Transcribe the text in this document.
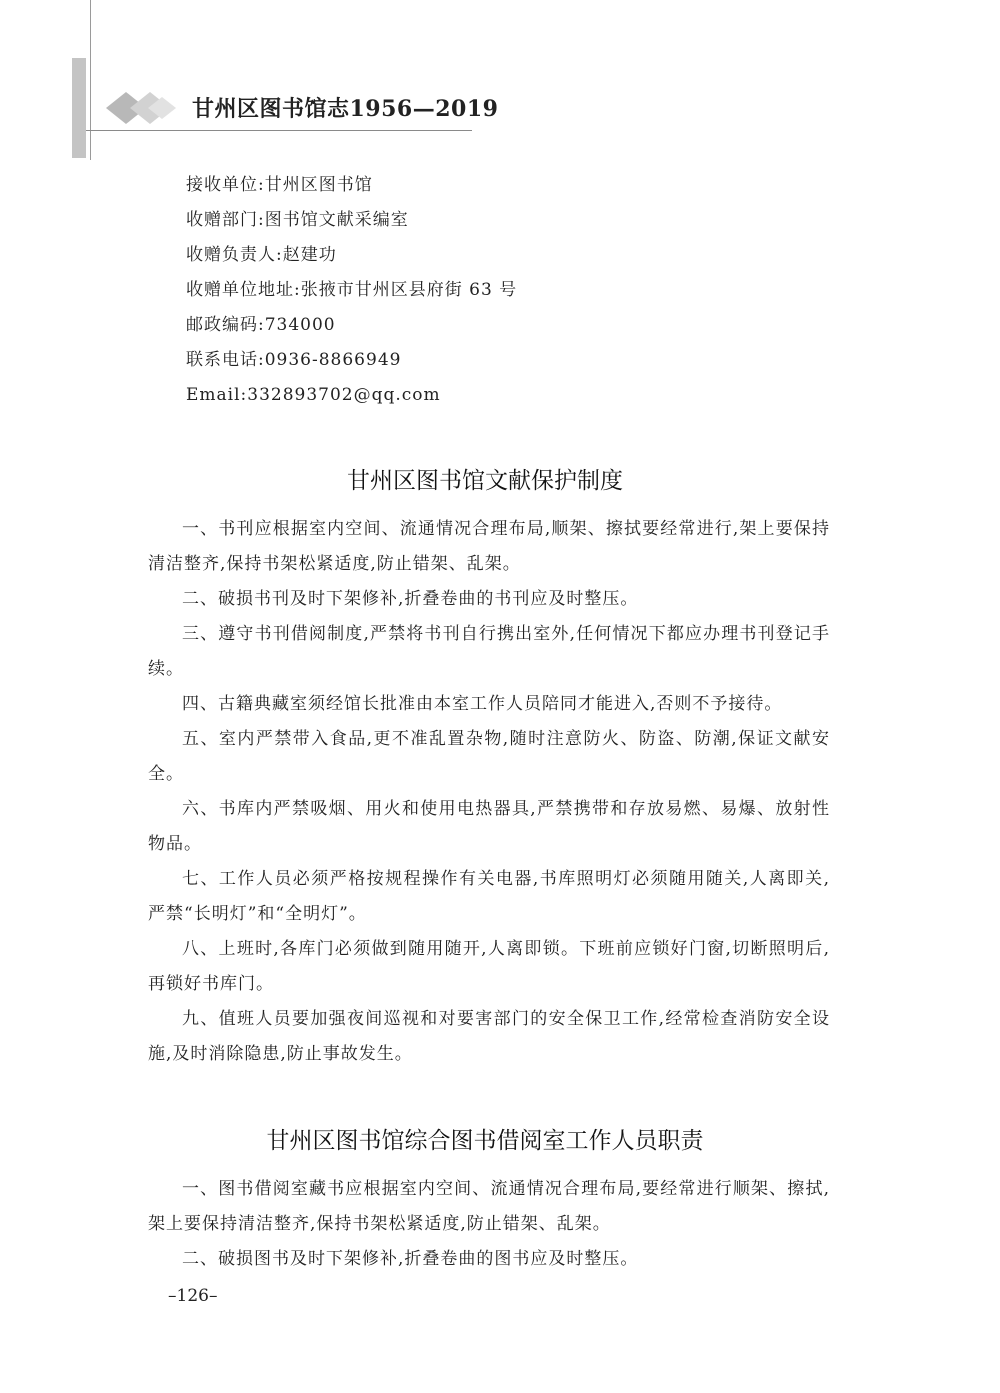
甘州区图书馆志1956—2019
接收单位:甘州区图书馆
收赠部门:图书馆文献采编室
收赠负责人:赵建功
收赠单位地址:张掖市甘州区县府街 63 号
邮政编码:734000
联系电话:0936-8866949
Email:332893702@qq.com
甘州区图书馆文献保护制度

一、书刊应根据室内空间、流通情况合理布局,顺架、擦拭要经常进行,架上要保持清洁整齐,保持书架松紧适度,防止错架、乱架。

二、破损书刊及时下架修补,折叠卷曲的书刊应及时整压。

三、遵守书刊借阅制度,严禁将书刊自行携出室外,任何情况下都应办理书刊登记手续。

四、古籍典藏室须经馆长批准由本室工作人员陪同才能进入,否则不予接待。

五、室内严禁带入食品,更不准乱置杂物,随时注意防火、防盗、防潮,保证文献安全。

六、书库内严禁吸烟、用火和使用电热器具,严禁携带和存放易燃、易爆、放射性物品。

七、工作人员必须严格按规程操作有关电器,书库照明灯必须随用随关,人离即关,严禁“长明灯”和“全明灯”。

八、上班时,各库门必须做到随用随开,人离即锁。下班前应锁好门窗,切断照明后,再锁好书库门。

九、值班人员要加强夜间巡视和对要害部门的安全保卫工作,经常检查消防安全设施,及时消除隐患,防止事故发生。

甘州区图书馆综合图书借阅室工作人员职责

一、图书借阅室藏书应根据室内空间、流通情况合理布局,要经常进行顺架、擦拭,架上要保持清洁整齐,保持书架松紧适度,防止错架、乱架。

二、破损图书及时下架修补,折叠卷曲的图书应及时整压。

–126–
